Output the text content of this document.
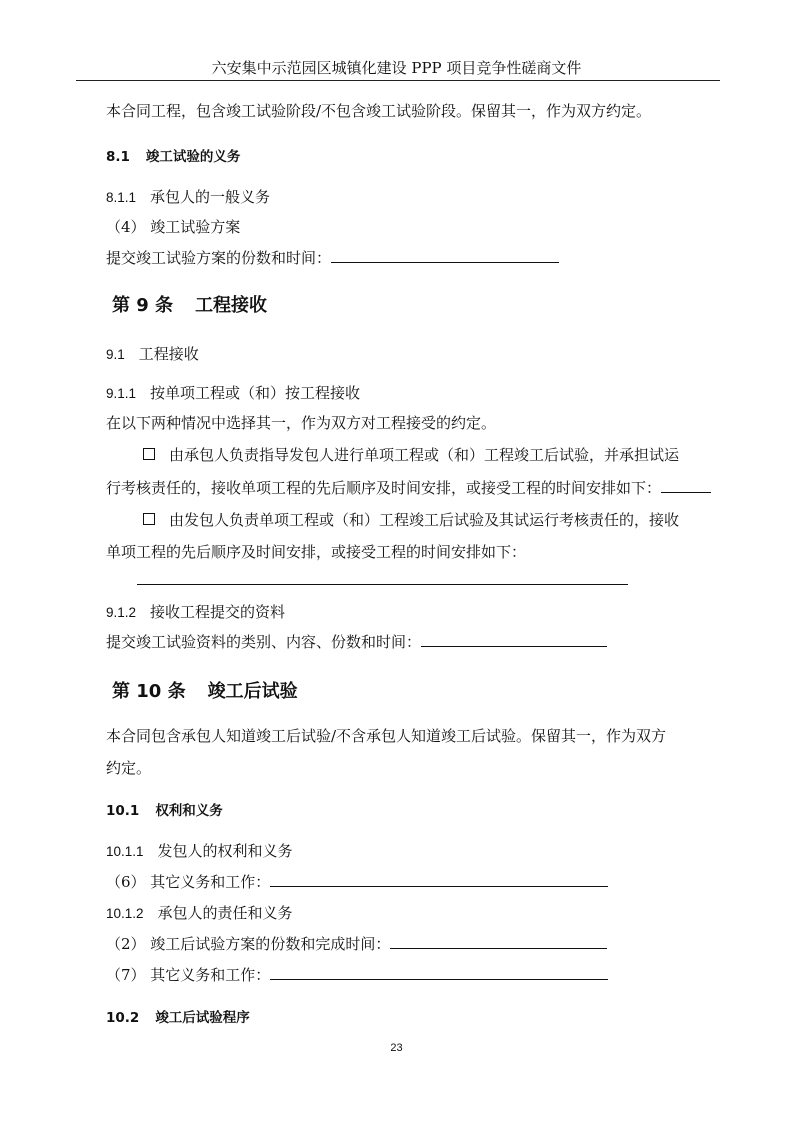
六安集中示范园区城镇化建设 PPP 项目竞争性磋商文件
本合同工程，包含竣工试验阶段/不包含竣工试验阶段。保留其一，作为双方约定。
8.1 竣工试验的义务
8.1.1 承包人的一般义务
（4） 竣工试验方案
提交竣工试验方案的份数和时间：
第 9 条 工程接收
9.1 工程接收
9.1.1 按单项工程或（和）按工程接收
在以下两种情况中选择其一，作为双方对工程接受的约定。
由承包人负责指导发包人进行单项工程或（和）工程竣工后试验，并承担试运
行考核责任的，接收单项工程的先后顺序及时间安排，或接受工程的时间安排如下：
由发包人负责单项工程或（和）工程竣工后试验及其试运行考核责任的，接收
单项工程的先后顺序及时间安排，或接受工程的时间安排如下：
9.1.2 接收工程提交的资料
提交竣工试验资料的类别、内容、份数和时间：
第 10 条 竣工后试验
本合同包含承包人知道竣工后试验/不含承包人知道竣工后试验。保留其一，作为双方
约定。
10.1 权利和义务
10.1.1 发包人的权利和义务
（6） 其它义务和工作：
10.1.2 承包人的责任和义务
（2） 竣工后试验方案的份数和完成时间：
（7） 其它义务和工作：
10.2 竣工后试验程序
23
